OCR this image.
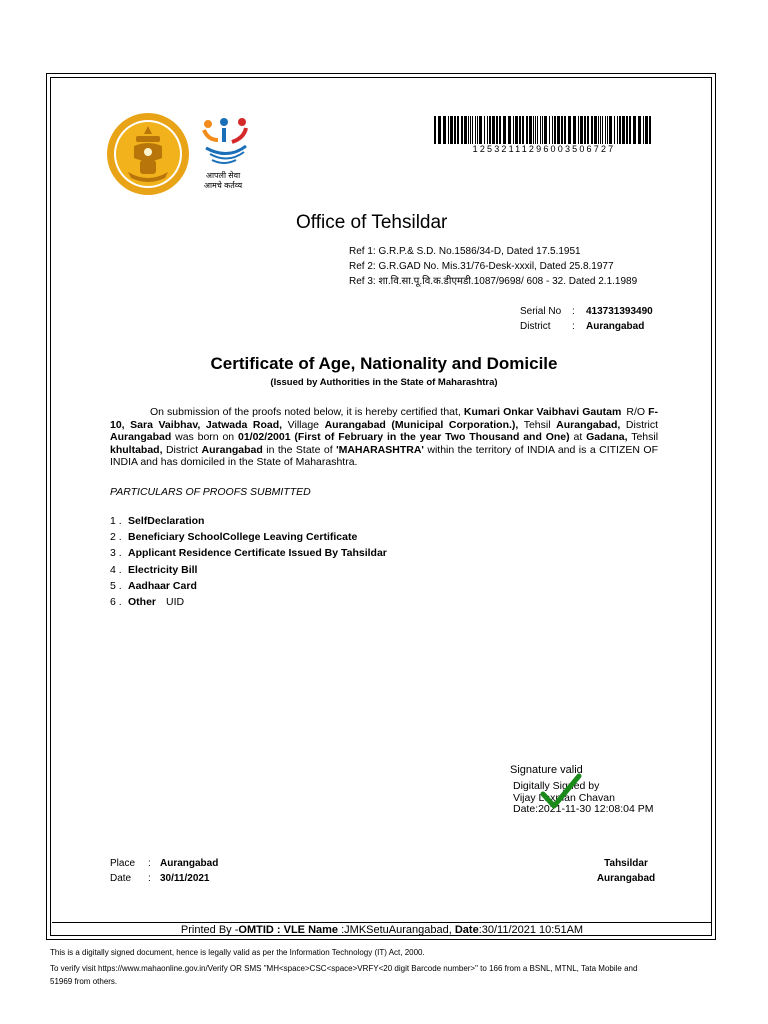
आपली सेवा
आमचे कर्तव्य
12532111296003506727
Office of Tehsildar
Ref 1: G.R.P.& S.D. No.1586/34-D, Dated 17.5.1951
Ref 2: G.R.GAD No. Mis.31/76-Desk-xxxil, Dated 25.8.1977
Ref 3: शा.वि.सा.पू.वि.क.डीएमडी.1087/9698/ 608 - 32. Dated 2.1.1989
Serial No : 413731393490
District : Aurangabad
Certificate of Age, Nationality and Domicile
(Issued by Authorities in the State of Maharashtra)
On submission of the proofs noted below, it is hereby certified that, Kumari Onkar Vaibhavi Gautam R/O F-10, Sara Vaibhav, Jatwada Road, Village Aurangabad (Municipal Corporation.), Tehsil Aurangabad, District Aurangabad was born on 01/02/2001 (First of February in the year Two Thousand and One) at Gadana, Tehsil khultabad, District Aurangabad in the State of 'MAHARASHTRA' within the territory of INDIA and is a CITIZEN OF INDIA and has domiciled in the State of Maharashtra.
PARTICULARS OF PROOFS SUBMITTED
1 . SelfDeclaration
2 . Beneficiary SchoolCollege Leaving Certificate
3 . Applicant Residence Certificate Issued By Tahsildar
4 . Electricity Bill
5 . Aadhaar Card
6 . Other UID
Signature valid
Digitally Signed by
Vijay Laxman Chavan
Date:2021-11-30 12:08:04 PM
Place : Aurangabad
Date : 30/11/2021
Tahsildar
Aurangabad
Printed By -OMTID : VLE Name :JMKSetuAurangabad, Date:30/11/2021 10:51AM
This is a digitally signed document, hence is legally valid as per the Information Technology (IT) Act, 2000.
To verify visit https://www.mahaonline.gov.in/Verify OR SMS "MH<space>CSC<space>VRFY<20 digit Barcode number>" to 166 from a BSNL, MTNL, Tata Mobile and
51969 from others.
